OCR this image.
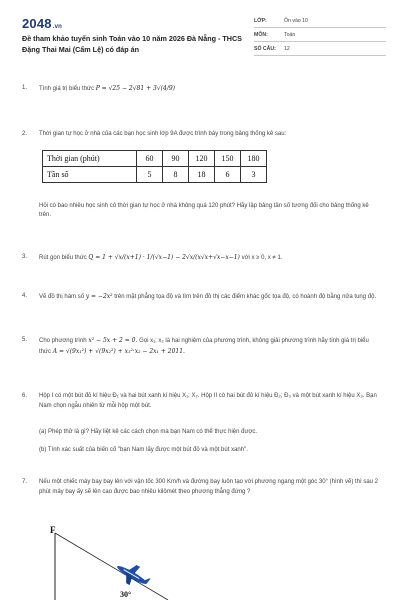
2048.vn
Đề tham khảo tuyển sinh Toán vào 10 năm 2026 Đà Nẵng - THCS Đặng Thai Mai (Cẩm Lệ) có đáp án
LỚP:	Ôn vào 10
MÔN:	Toán
SỐ CÂU:	12
1. Tính giá trị biểu thức P = √25 − 2√81 + 3√(4/9)
2. Thời gian tự học ở nhà của các bạn học sinh lớp 9A được trình bày trong bảng thống kê sau:
Thời gian (phút)	60	90	120	150	180
Tần số	5	8	18	6	3
Hỏi có bao nhiêu học sinh có thời gian tự học ở nhà không quá 120 phút? Hãy lập bảng tần số tương đối cho bảng thống kê trên.
3. Rút gọn biểu thức Q = 1 + √x/(x+1) · 1/(√x−1) − 2√x/(x√x+√x−x−1) với x ≥ 0, x ≠ 1.
4. Vẽ đồ thị hàm số y = −2x² trên mặt phẳng tọa độ và tìm trên đồ thị các điểm khác gốc tọa độ, có hoành độ bằng nửa tung độ.
5. Cho phương trình x² − 5x + 2 = 0. Gọi x₁; x₂ là hai nghiệm của phương trình, không giải phương trình hãy tính giá trị biểu thức A = √(9x₁²) + √(9x₂²) + x₁²·x₂ − 2x₁ + 2011.
6. Hộp I có một bút đỏ kí hiệu Đ₁ và hai bút xanh kí hiệu X₁; X₂. Hộp II có hai bút đỏ kí hiệu Đ₂; Đ₃ và một bút xanh kí hiệu X₃. Bạn Nam chọn ngẫu nhiên từ mỗi hộp một bút.
(a) Phép thử là gì? Hãy liệt kê các cách chọn mà bạn Nam có thể thực hiện được.
(b) Tính xác suất của biến cố "bạn Nam lấy được một bút đỏ và một bút xanh".
7. Nếu một chiếc máy bay bay lên với vận tốc 300 Km/h và đường bay luôn tạo với phương ngang một góc 30° (hình vẽ) thì sau 2 phút máy bay ấy sẽ lên cao được bao nhiêu kilômét theo phương thẳng đứng ?
F
30°
